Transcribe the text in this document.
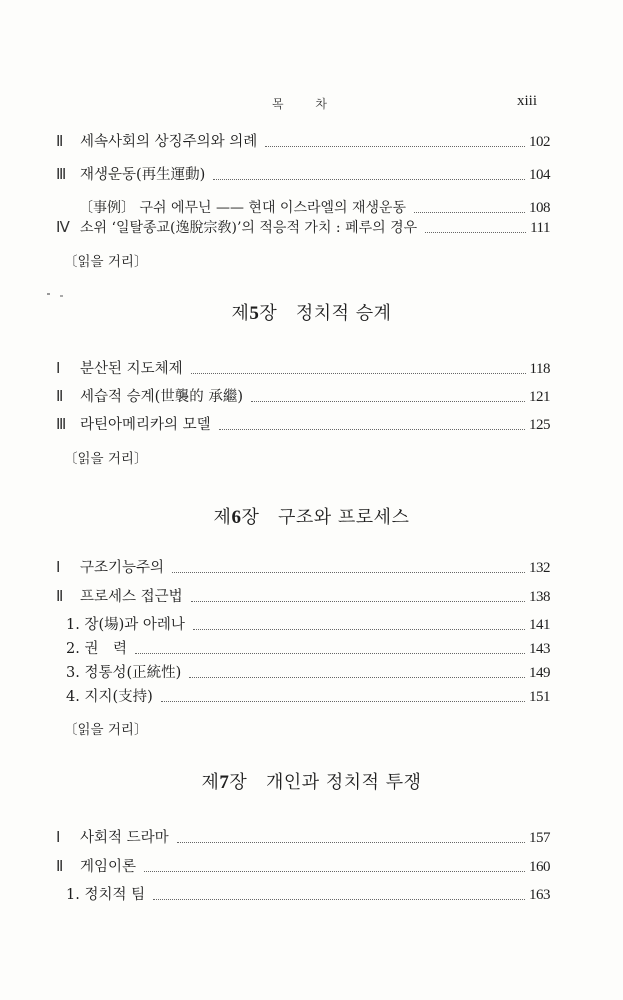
목 차	xiii
Ⅱ	세속사회의 상징주의와 의례	102
Ⅲ	재생운동(再生運動)	104
〔事例〕 구쉬 에무닌 —— 현대 이스라엘의 재생운동	108
Ⅳ 소위 ‘일탈종교(逸脫宗敎)’의 적응적 가치 : 페루의 경우	111
〔읽을 거리〕
제5장 정치적 승계
Ⅰ	분산된 지도체제	118
Ⅱ	세습적 승계(世襲的 承繼)	121
Ⅲ	라틴아메리카의 모델	125
〔읽을 거리〕
제6장 구조와 프로세스
Ⅰ	구조기능주의	132
Ⅱ	프로세스 접근법	138
1. 장(場)과 아레나	141
2. 권　력	143
3. 정통성(正統性)	149
4. 지지(支持)	151
〔읽을 거리〕
제7장 개인과 정치적 투쟁
Ⅰ	사회적 드라마	157
Ⅱ	게임이론	160
1. 정치적 팀	163
